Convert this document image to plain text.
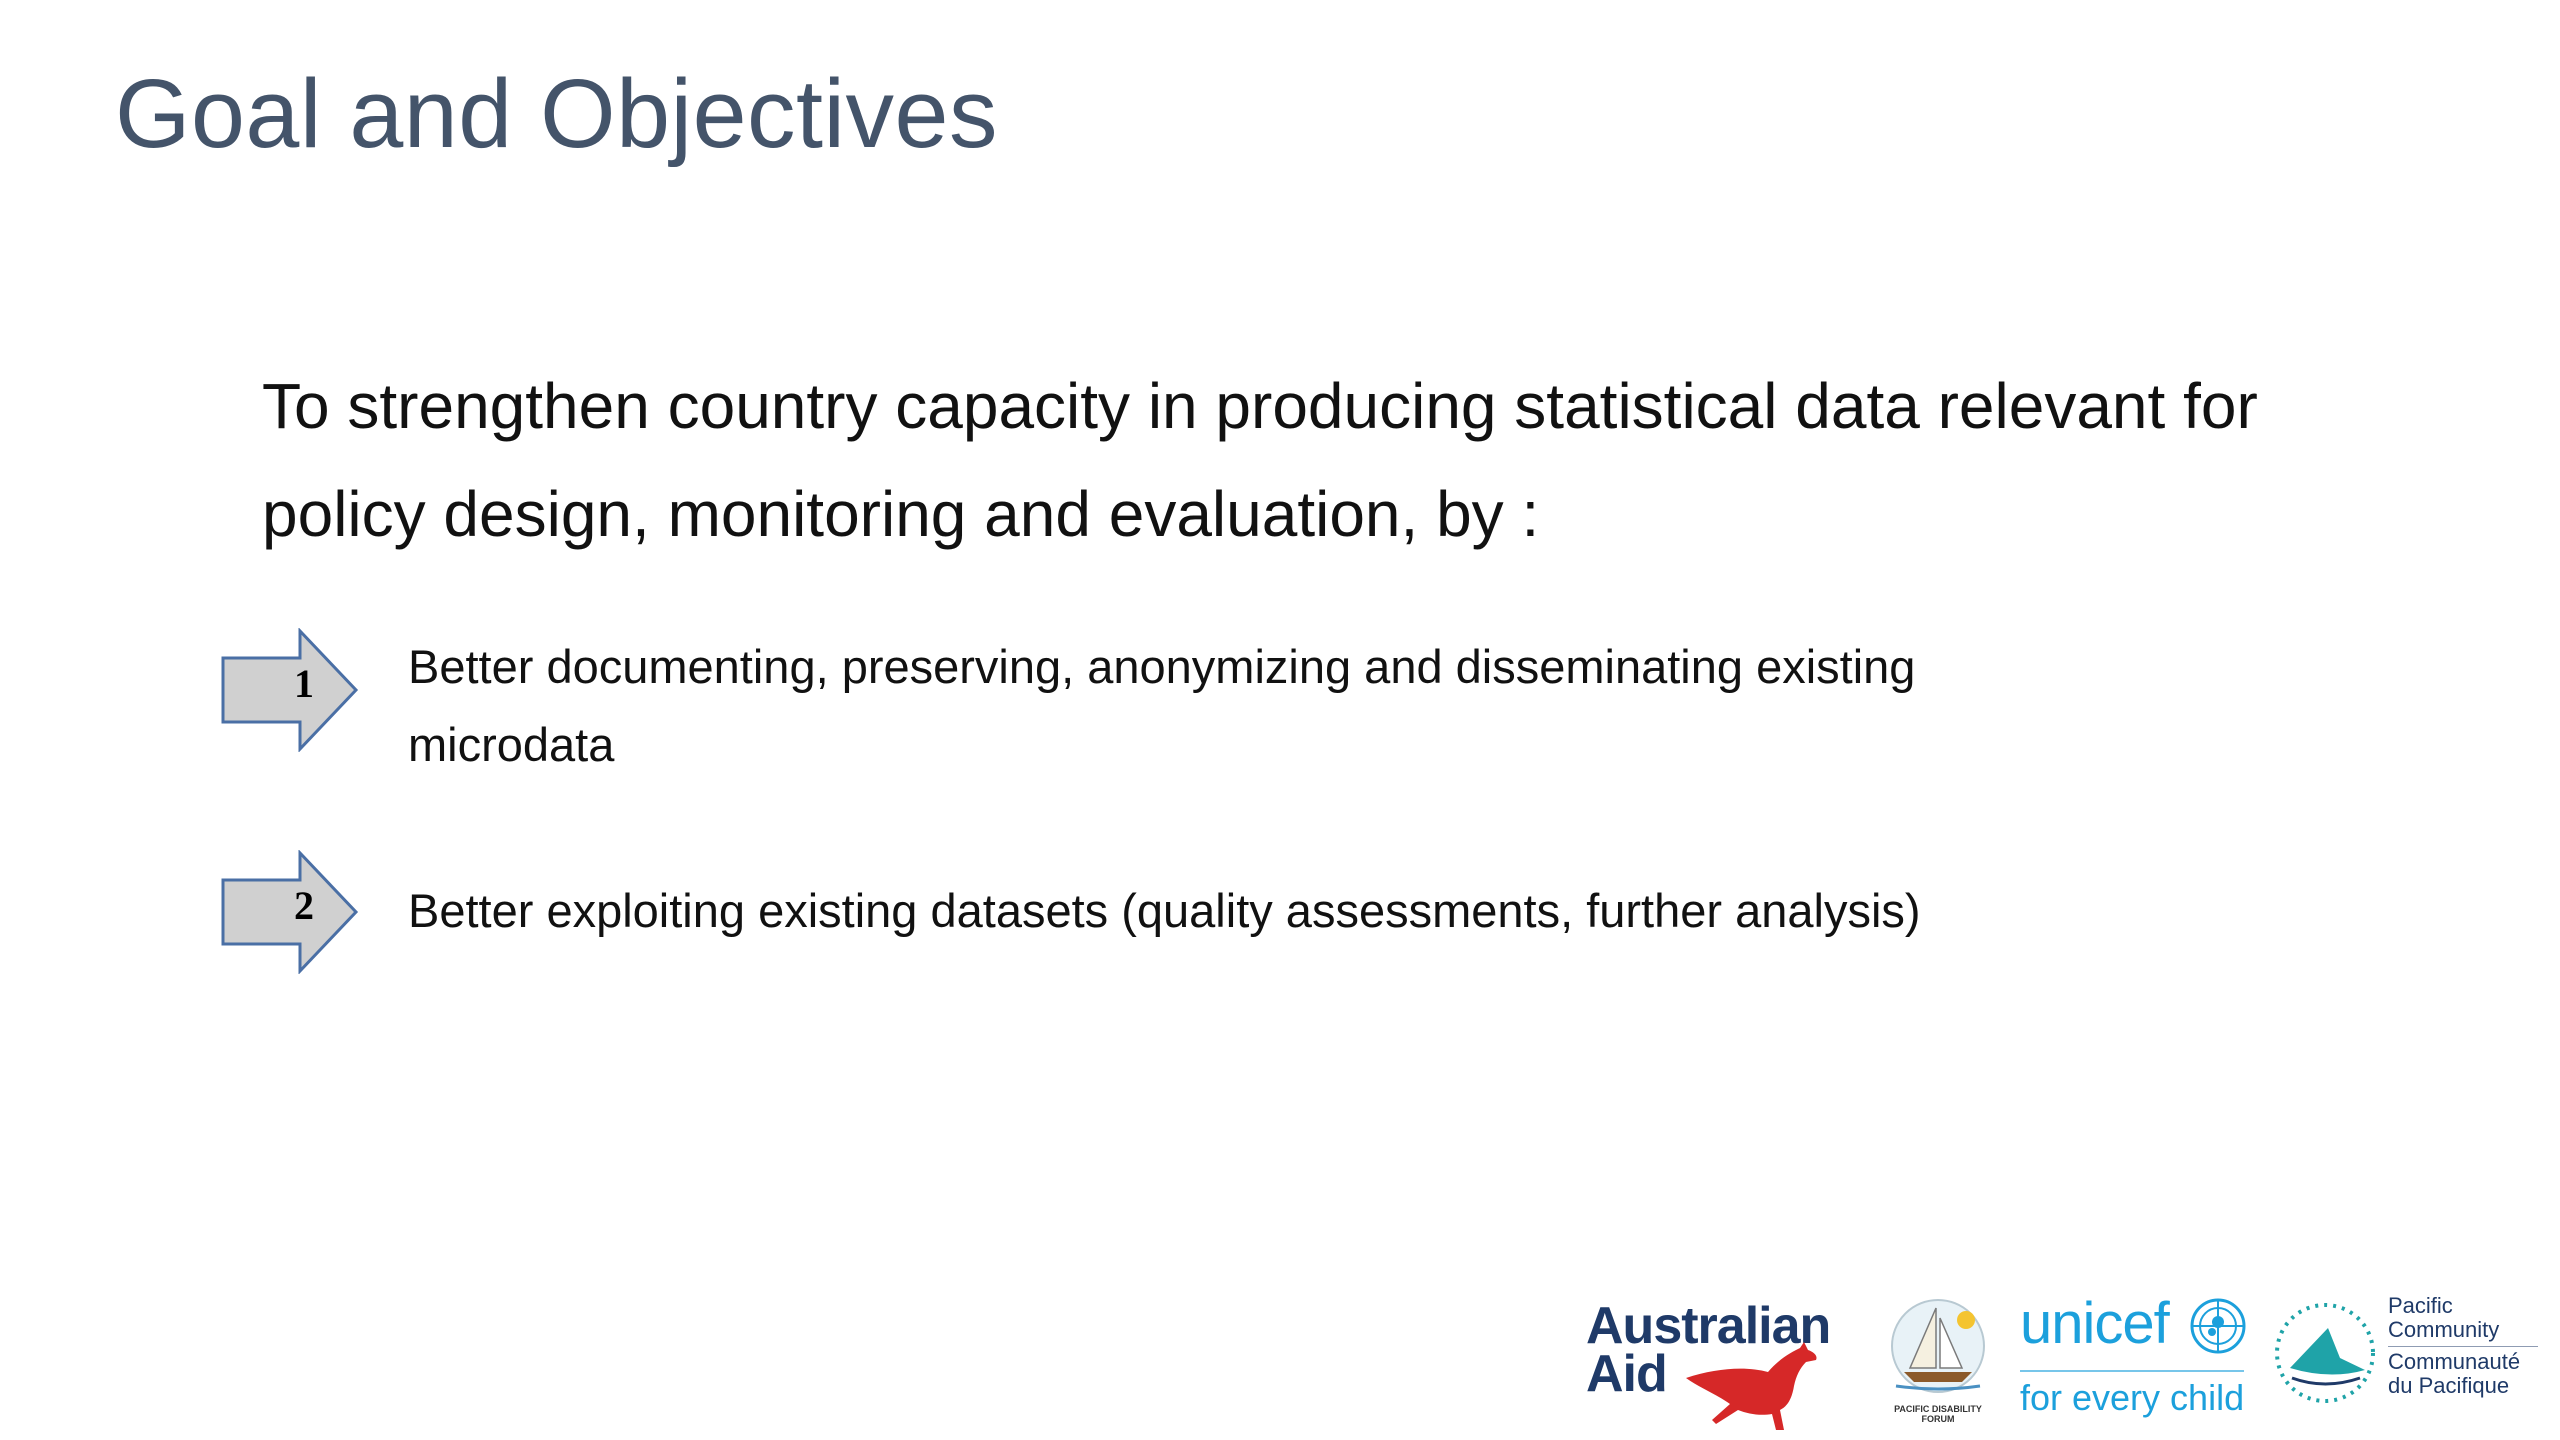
Goal and Objectives
To strengthen country capacity in producing statistical data relevant for policy design, monitoring and evaluation, by :
1 Better documenting, preserving, anonymizing and disseminating existing microdata
2 Better exploiting existing datasets (quality assessments, further analysis)
Australian
Aid
PACIFIC DISABILITY FORUM
unicef
for every child
Pacific
Community
Communauté
du Pacifique
